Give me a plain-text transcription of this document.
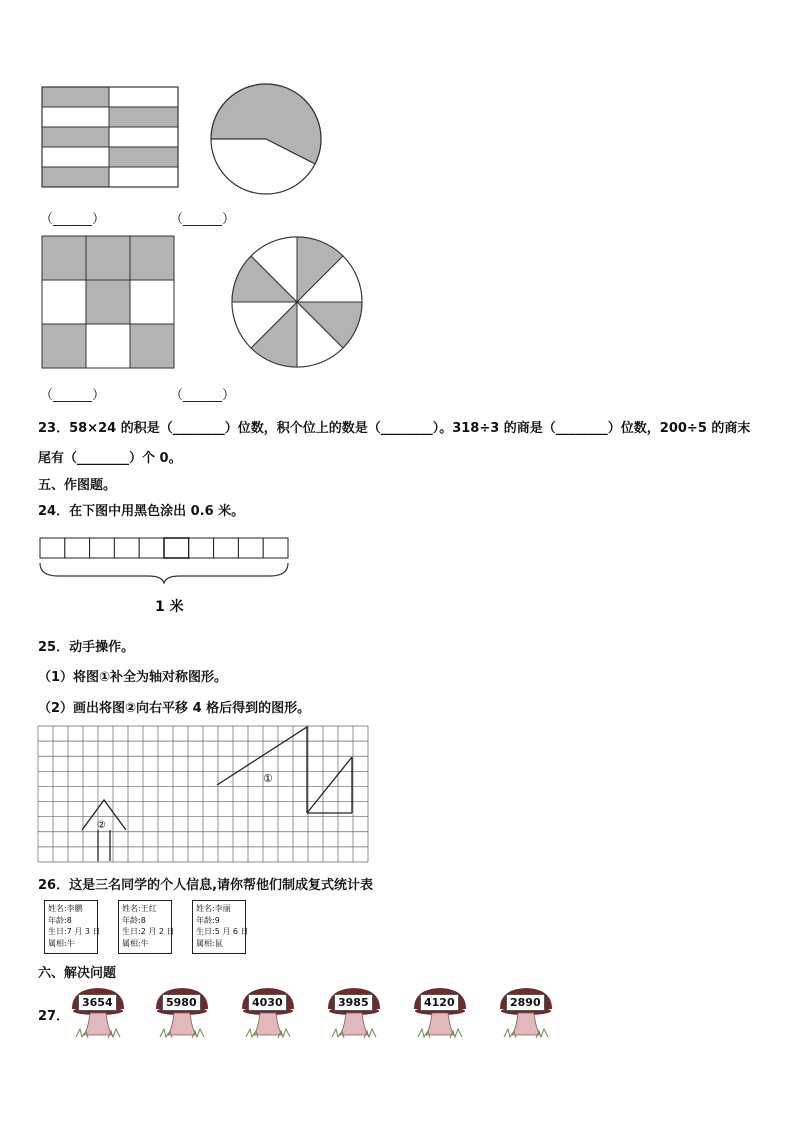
（______）	（______）
（______）	（______）
23．58×24 的积是（________）位数，积个位上的数是（________）。318÷3 的商是（________）位数，200÷5 的商末
尾有（________）个 0。
五、作图题。
24．在下图中用黑色涂出 0.6 米。
1 米
25．动手操作。
（1）将图①补全为轴对称图形。
（2）画出将图②向右平移 4 格后得到的图形。
①
②
26．这是三名同学的个人信息,请你帮他们制成复式统计表
姓名:李鹏
年龄:8
生日:7 月 3 日
属相:牛
姓名:王红
年龄:8
生日:2 月 2 日
属相:牛
姓名:李丽
年龄:9
生日:5 月 6 日
属相:鼠
六、解决问题
27．
3654	5980	4030	3985	4120	2890
